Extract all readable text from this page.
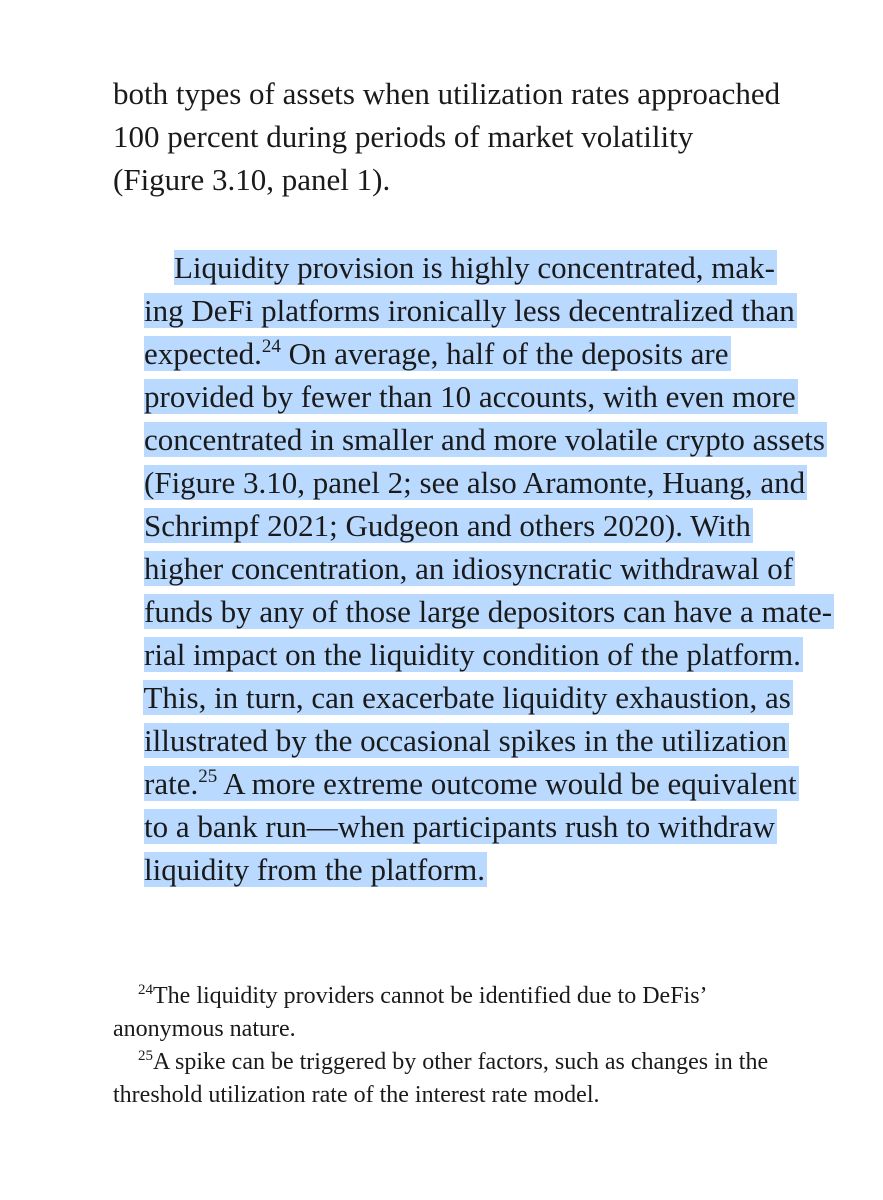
both types of assets when utilization rates approached
100 percent during periods of market volatility
(Figure 3.10, panel 1).

Liquidity provision is highly concentrated, mak-

ing DeFi platforms ironically less decentralized than

expected.$^{24}$ On average, half of the deposits are

provided by fewer than 10 accounts, with even more

concentrated in smaller and more volatile crypto assets

(Figure 3.10, panel 2; see also Aramonte, Huang, and

Schrimpf 2021; Gudgeon and others 2020). With

higher concentration, an idiosyncratic withdrawal of

funds by any of those large depositors can have a mate-

rial impact on the liquidity condition of the platform.

This, in turn, can exacerbate liquidity exhaustion, as

illustrated by the occasional spikes in the utilization

rate.$^{25}$ A more extreme outcome would be equivalent

to a bank run—when participants rush to withdraw

liquidity from the platform.

$^{24}$The liquidity providers cannot be identified due to DeFis’
anonymous nature.
$^{25}$A spike can be triggered by other factors, such as changes in the
threshold utilization rate of the interest rate model.
